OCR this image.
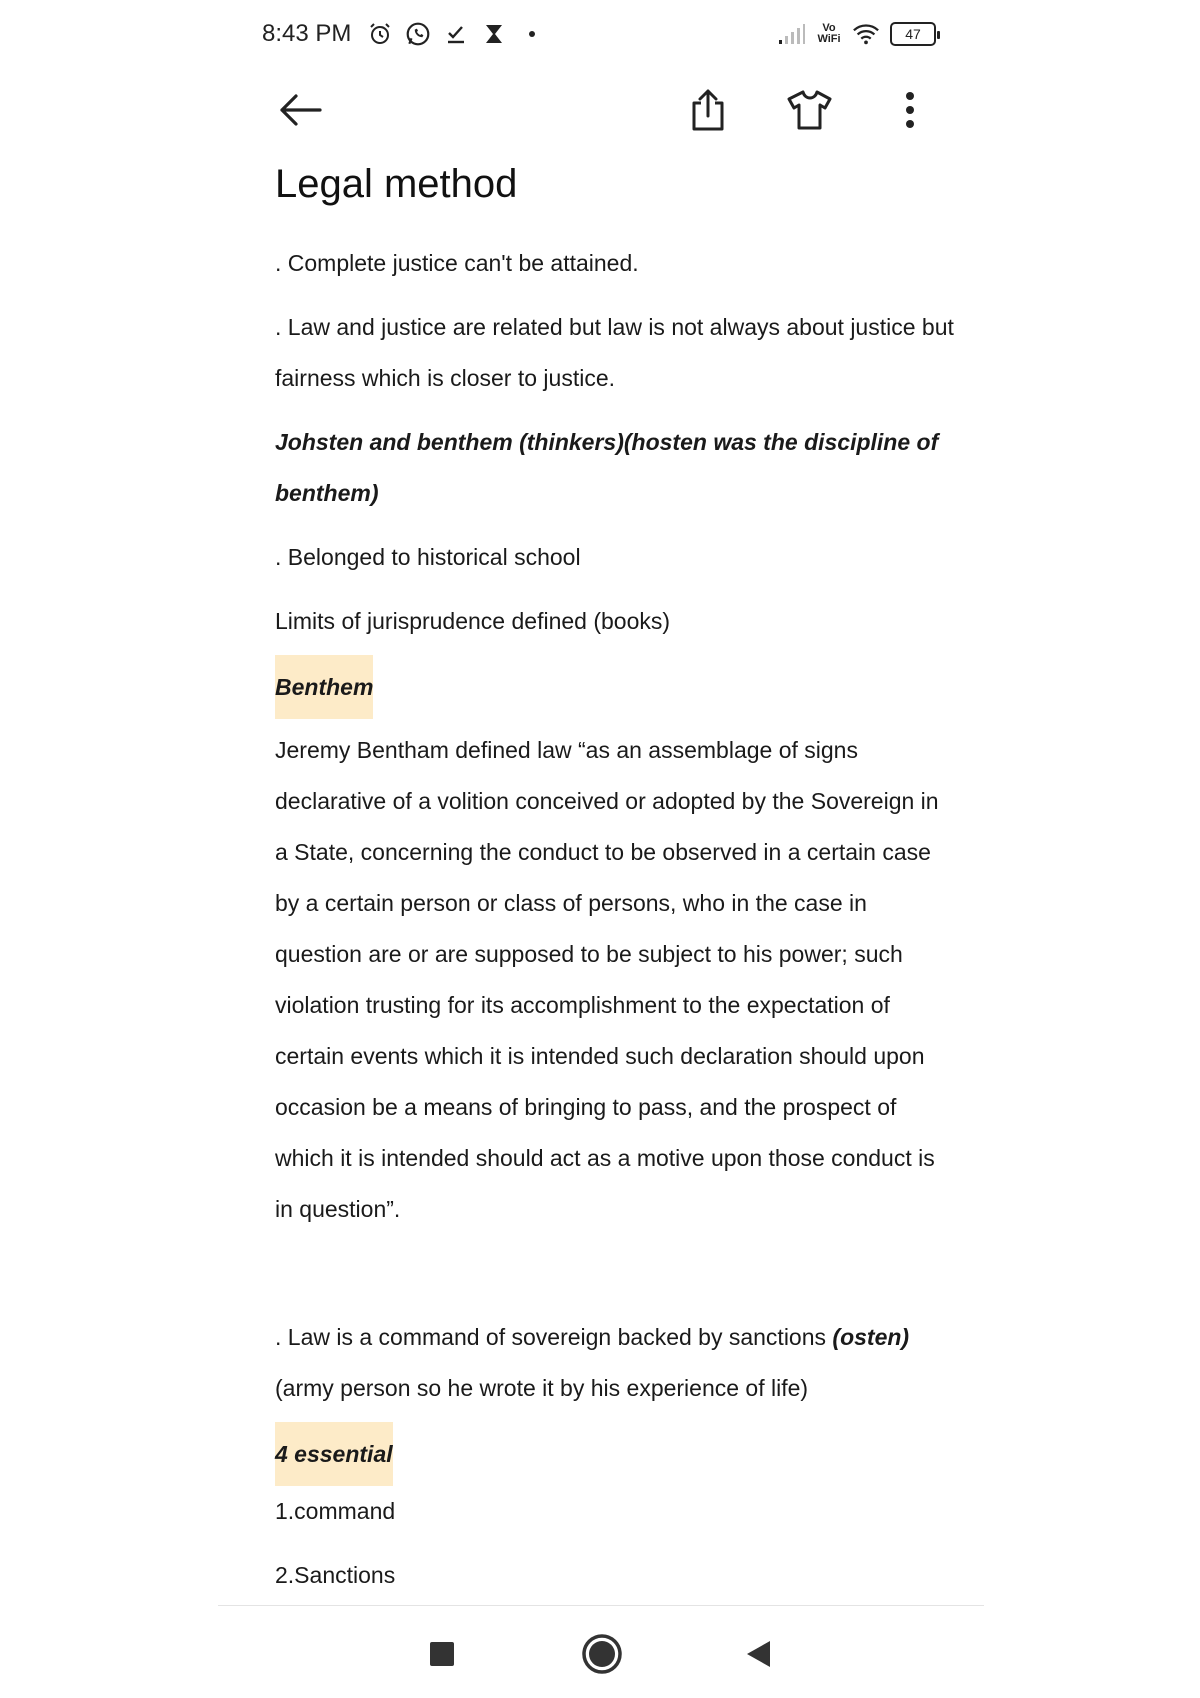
8:43 PM	Vo
WiFi	47
Legal method

. Complete justice can't be attained.

. Law and justice are related but law is not always about justice but fairness which is closer to justice.

Johsten and benthem (thinkers)(hosten was the discipline of benthem)

. Belonged to historical school

Limits of jurisprudence defined (books)

Benthem

Jeremy Bentham defined law “as an assemblage of signs declarative of a volition conceived or adopted by the Sovereign in a State, concerning the conduct to be observed in a certain case by a certain person or class of persons, who in the case in question are or are supposed to be subject to his power; such violation trusting for its accomplishment to the expectation of certain events which it is intended such declaration should upon occasion be a means of bringing to pass, and the prospect of which it is intended should act as a motive upon those conduct is in question”.

. Law is a command of sovereign backed by sanctions (osten) (army person so he wrote it by his experience of life)

4 essential

1.command

2.Sanctions
